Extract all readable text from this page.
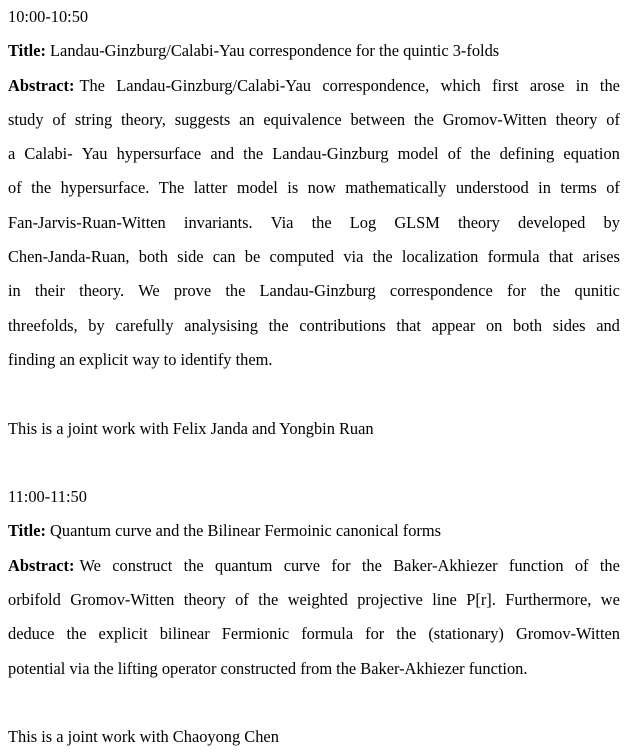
10:00-10:50
Title: Landau-Ginzburg/Calabi-Yau correspondence for the quintic 3-folds
Abstract: The Landau-Ginzburg/Calabi-Yau correspondence, which first arose in the
study of string theory, suggests an equivalence between the Gromov-Witten theory of
a Calabi- Yau hypersurface and the Landau-Ginzburg model of the defining equation
of the hypersurface. The latter model is now mathematically understood in terms of
Fan-Jarvis-Ruan-Witten invariants. Via the Log GLSM theory developed by
Chen-Janda-Ruan, both side can be computed via the localization formula that arises
in their theory. We prove the Landau-Ginzburg correspondence for the qunitic
threefolds, by carefully analysising the contributions that appear on both sides and
finding an explicit way to identify them.
This is a joint work with Felix Janda and Yongbin Ruan
11:00-11:50
Title: Quantum curve and the Bilinear Fermoinic canonical forms
Abstract: We construct the quantum curve for the Baker-Akhiezer function of the
orbifold Gromov-Witten theory of the weighted projective line P[r]. Furthermore, we
deduce the explicit bilinear Fermionic formula for the (stationary) Gromov-Witten
potential via the lifting operator constructed from the Baker-Akhiezer function.
This is a joint work with Chaoyong Chen
